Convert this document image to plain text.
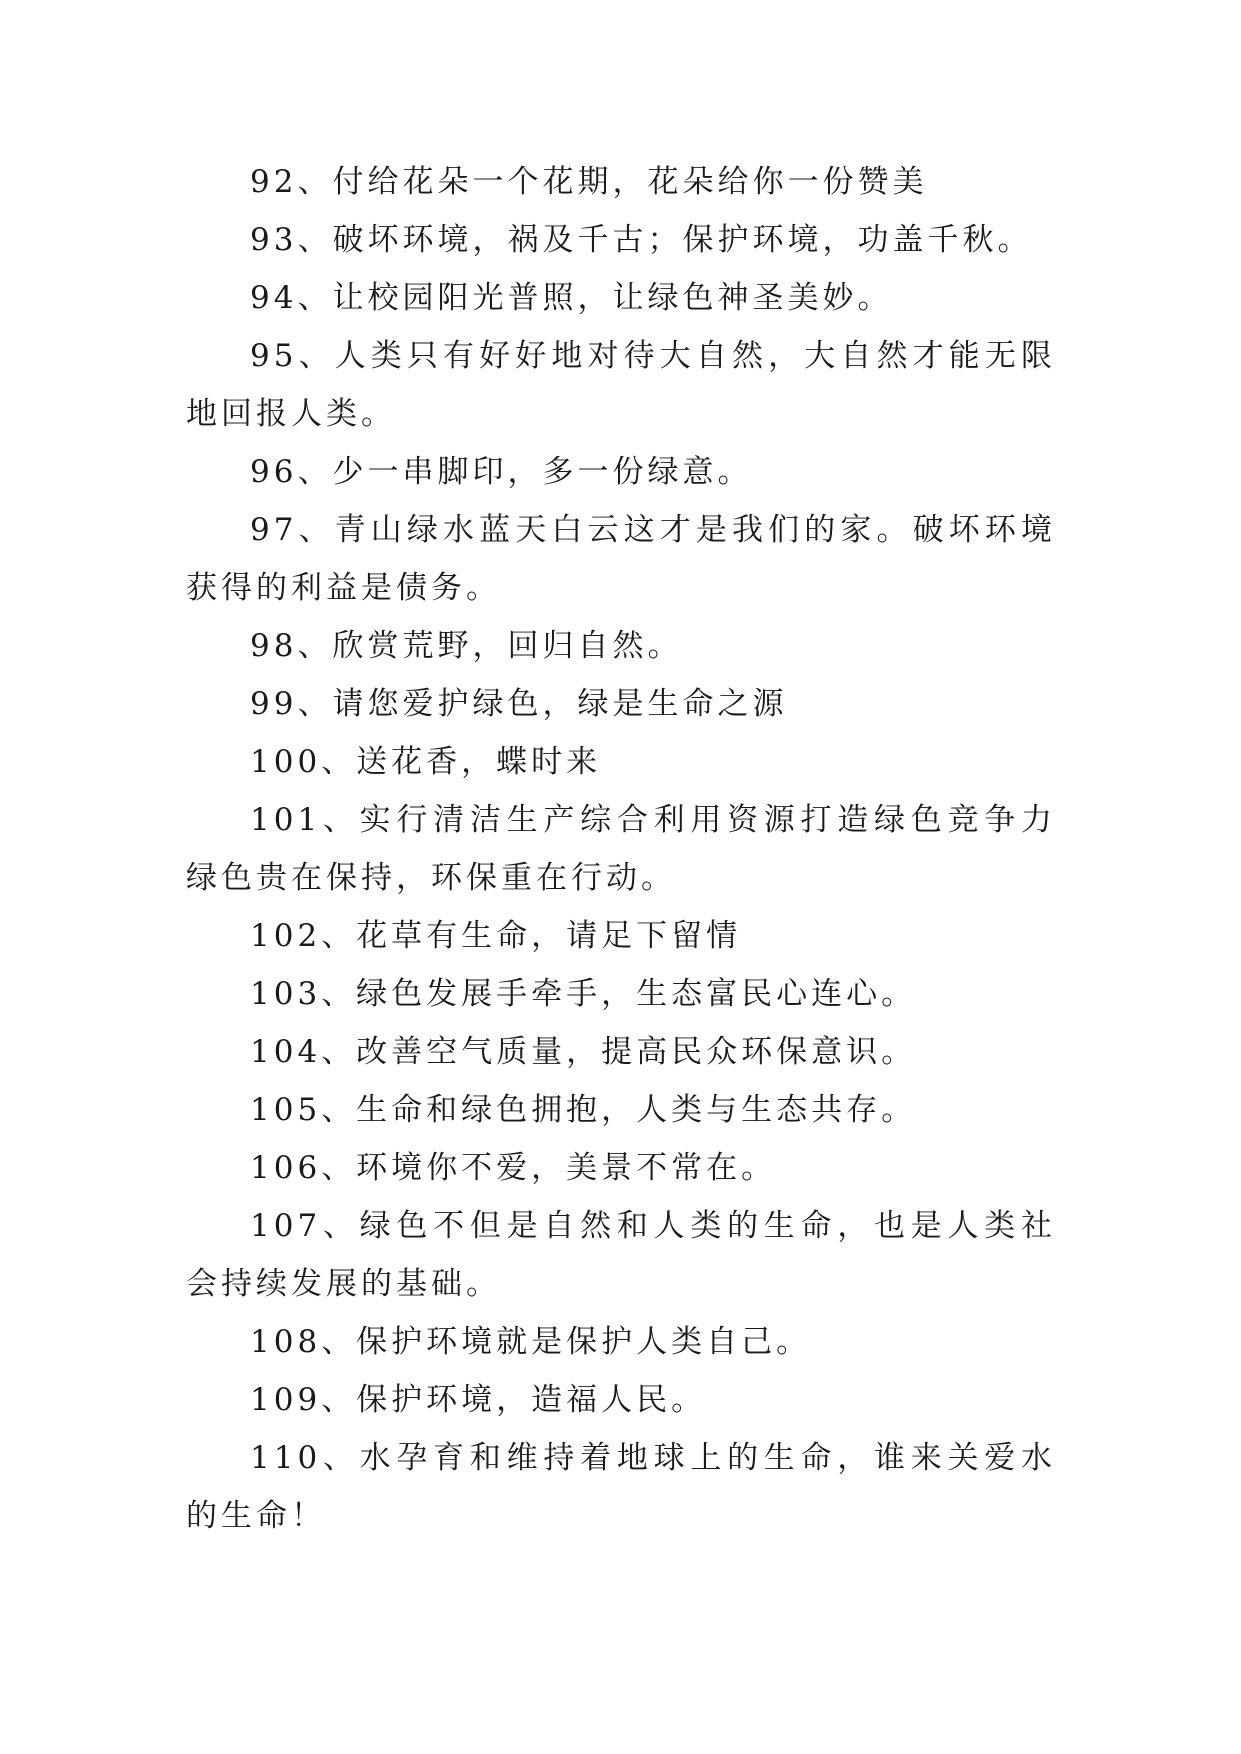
92、付给花朵一个花期，花朵给你一份赞美

93、破坏环境，祸及千古；保护环境，功盖千秋。

94、让校园阳光普照，让绿色神圣美妙。

95、人类只有好好地对待大自然，大自然才能无限地回报人类。

96、少一串脚印，多一份绿意。

97、青山绿水蓝天白云这才是我们的家。破坏环境获得的利益是债务。

98、欣赏荒野，回归自然。

99、请您爱护绿色，绿是生命之源

100、送花香，蝶时来

101、实行清洁生产综合利用资源打造绿色竞争力绿色贵在保持，环保重在行动。

102、花草有生命，请足下留情

103、绿色发展手牵手，生态富民心连心。

104、改善空气质量，提高民众环保意识。

105、生命和绿色拥抱，人类与生态共存。

106、环境你不爱，美景不常在。

107、绿色不但是自然和人类的生命，也是人类社会持续发展的基础。

108、保护环境就是保护人类自己。

109、保护环境，造福人民。

110、水孕育和维持着地球上的生命，谁来关爱水的生命！
